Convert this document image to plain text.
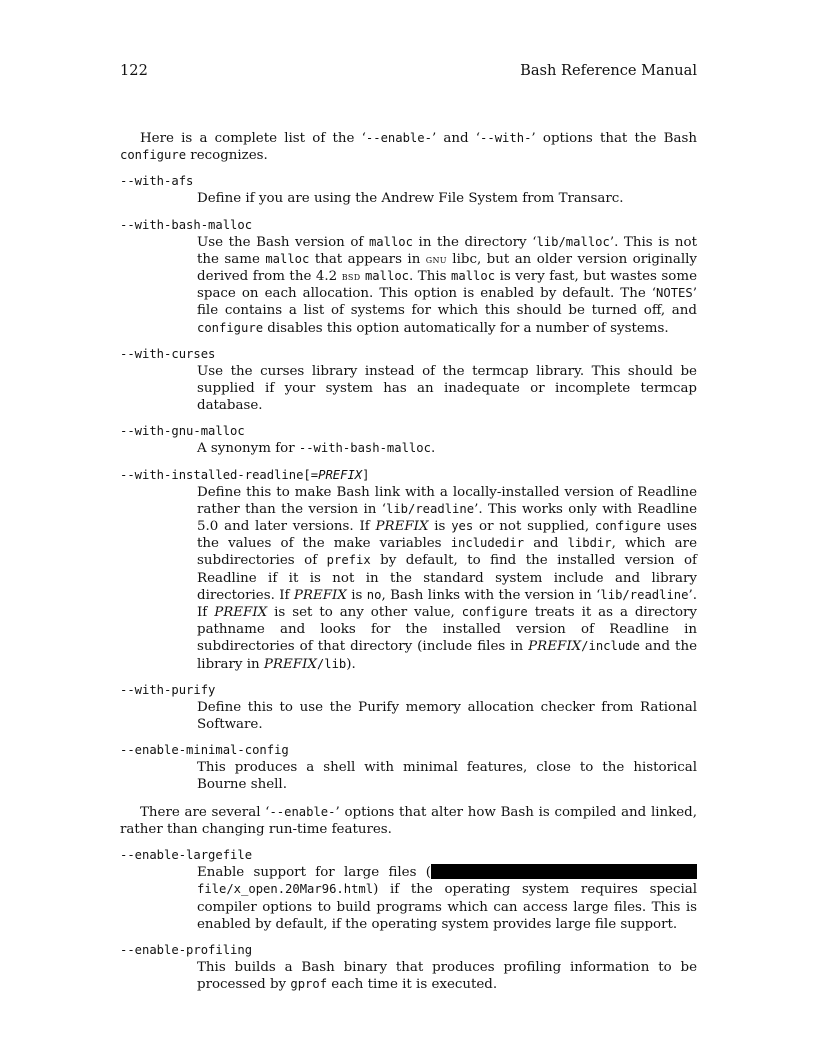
122	Bash Reference Manual

Here is a complete list of the ‘--enable-’ and ‘--with-’ options that the Bash configure recognizes.

--with-afs
Define if you are using the Andrew File System from Transarc.
--with-bash-malloc
Use the Bash version of malloc in the directory ‘lib/malloc’. This is not the same malloc that appears in gnu libc, but an older version originally derived from the 4.2 bsd malloc. This malloc is very fast, but wastes some space on each allocation. This option is enabled by default. The ‘NOTES’ file contains a list of systems for which this should be turned off, and configure disables this option automatically for a number of systems.
--with-curses
Use the curses library instead of the termcap library. This should be supplied if your system has an inadequate or incomplete termcap database.
--with-gnu-malloc
A synonym for --with-bash-malloc.
--with-installed-readline[=PREFIX]
Define this to make Bash link with a locally-installed version of Readline rather than the version in ‘lib/readline’. This works only with Readline 5.0 and later versions. If PREFIX is yes or not supplied, configure uses the values of the make variables includedir and libdir, which are subdirectories of prefix by default, to find the installed version of Readline if it is not in the standard system include and library directories. If PREFIX is no, Bash links with the version in ‘lib/readline’. If PREFIX is set to any other value, configure treats it as a directory pathname and looks for the installed version of Readline in subdirectories of that directory (include files in PREFIX/include and the library in PREFIX/lib).
--with-purify
Define this to use the Purify memory allocation checker from Rational Software.
--enable-minimal-config
This produces a shell with minimal features, close to the historical Bourne shell.

There are several ‘--enable-’ options that alter how Bash is compiled and linked, rather than changing run-time features.

--enable-largefile
Enable support for large files ( file/x_open.20Mar96.html) if the operating system requires special compiler options to build programs which can access large files. This is enabled by default, if the operating system provides large file support.
--enable-profiling
This builds a Bash binary that produces profiling information to be processed by gprof each time it is executed.
